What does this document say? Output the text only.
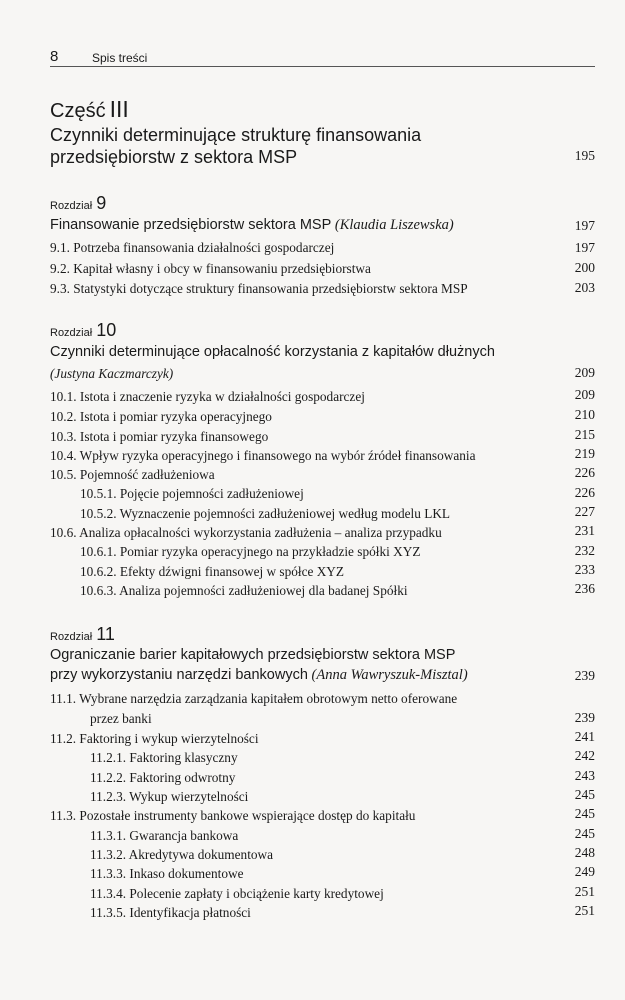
8	Spis treści
Część III
Czynniki determinujące strukturę finansowania
przedsiębiorstw z sektora MSP	195
Rozdział 9
Finansowanie przedsiębiorstw sektora MSP (Klaudia Liszewska)	197
9.1. Potrzeba finansowania działalności gospodarczej	197
9.2. Kapitał własny i obcy w finansowaniu przedsiębiorstwa	200
9.3. Statystyki dotyczące struktury finansowania przedsiębiorstw sektora MSP	203
Rozdział 10
Czynniki determinujące opłacalność korzystania z kapitałów dłużnych
(Justyna Kaczmarczyk)	209
10.1. Istota i znaczenie ryzyka w działalności gospodarczej	209
10.2. Istota i pomiar ryzyka operacyjnego	210
10.3. Istota i pomiar ryzyka finansowego	215
10.4. Wpływ ryzyka operacyjnego i finansowego na wybór źródeł finansowania	219
10.5. Pojemność zadłużeniowa	226
10.5.1. Pojęcie pojemności zadłużeniowej	226
10.5.2. Wyznaczenie pojemności zadłużeniowej według modelu LKL	227
10.6. Analiza opłacalności wykorzystania zadłużenia – analiza przypadku	231
10.6.1. Pomiar ryzyka operacyjnego na przykładzie spółki XYZ	232
10.6.2. Efekty dźwigni finansowej w spółce XYZ	233
10.6.3. Analiza pojemności zadłużeniowej dla badanej Spółki	236
Rozdział 11
Ograniczanie barier kapitałowych przedsiębiorstw sektora MSP
przy wykorzystaniu narzędzi bankowych (Anna Wawryszuk-Misztal)	239
11.1. Wybrane narzędzia zarządzania kapitałem obrotowym netto oferowane
przez banki	239
11.2. Faktoring i wykup wierzytelności	241
11.2.1. Faktoring klasyczny	242
11.2.2. Faktoring odwrotny	243
11.2.3. Wykup wierzytelności	245
11.3. Pozostałe instrumenty bankowe wspierające dostęp do kapitału	245
11.3.1. Gwarancja bankowa	245
11.3.2. Akredytywa dokumentowa	248
11.3.3. Inkaso dokumentowe	249
11.3.4. Polecenie zapłaty i obciążenie karty kredytowej	251
11.3.5. Identyfikacja płatności	251
